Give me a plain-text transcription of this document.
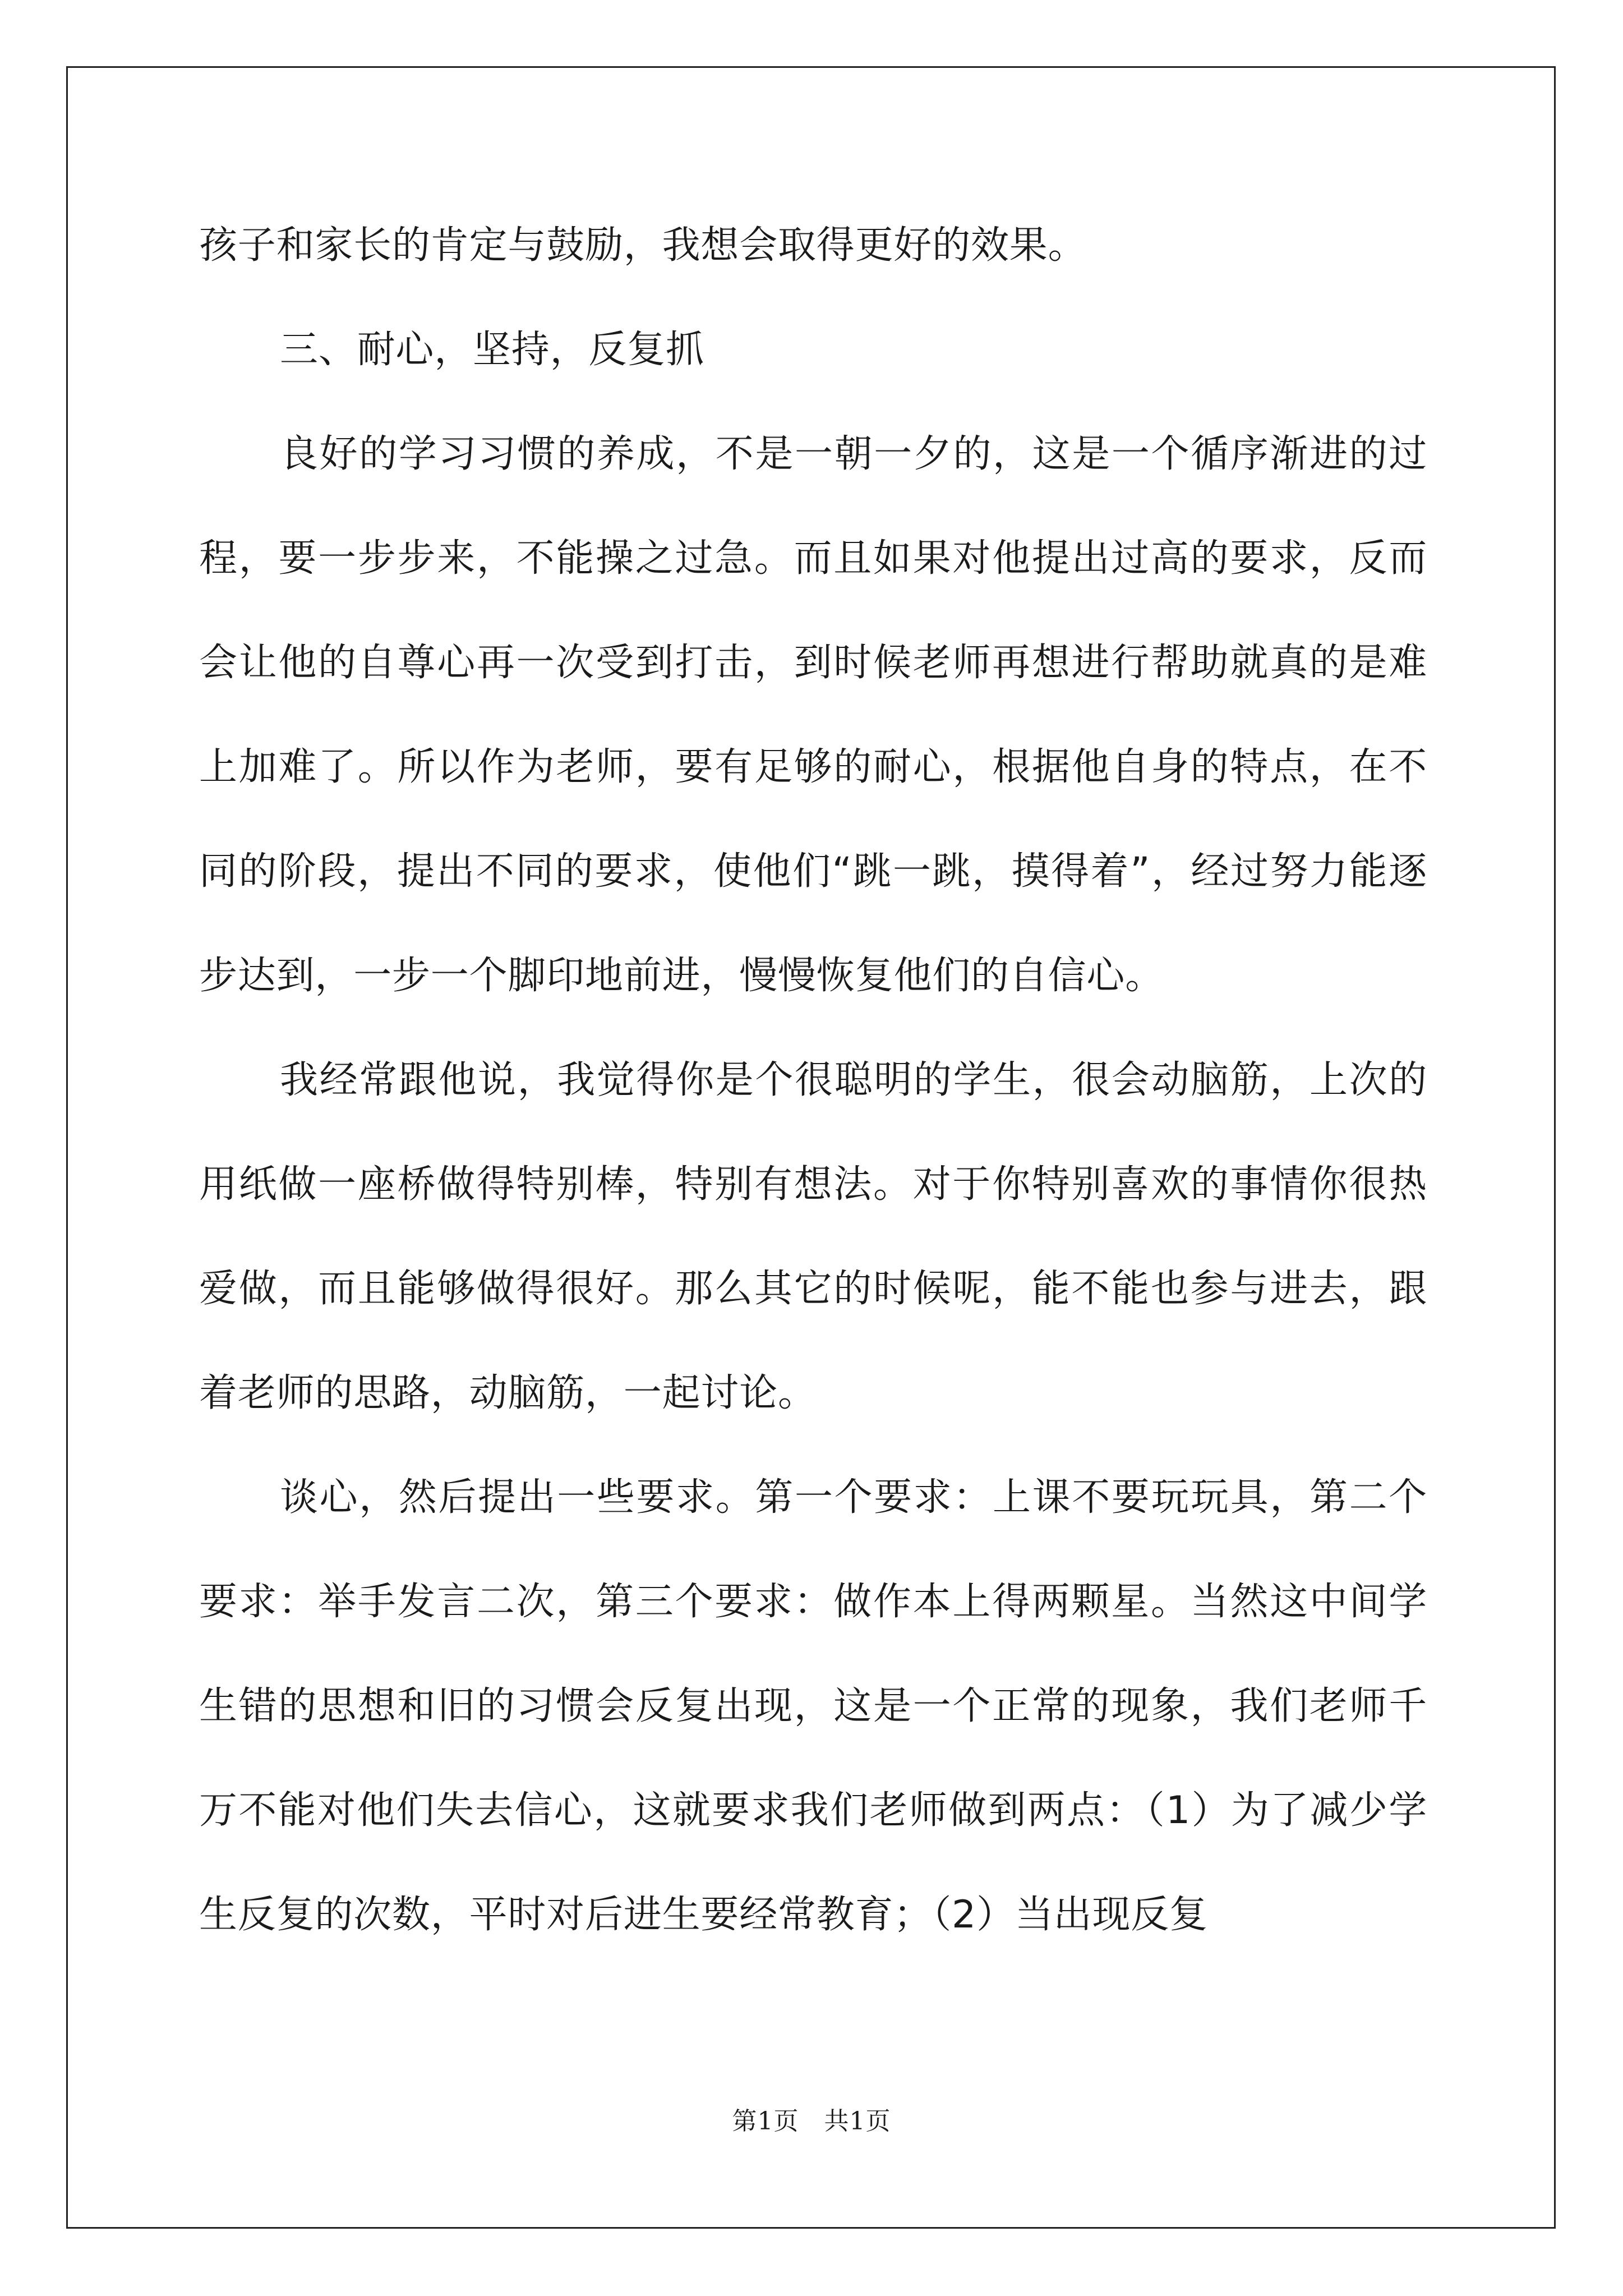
孩子和家长的肯定与鼓励，我想会取得更好的效果。

三、耐心，坚持，反复抓

良好的学习习惯的养成，不是一朝一夕的，这是一个循序渐进的过程，要一步步来，不能操之过急。而且如果对他提出过高的要求，反而会让他的自尊心再一次受到打击，到时候老师再想进行帮助就真的是难上加难了。所以作为老师，要有足够的耐心，根据他自身的特点，在不同的阶段，提出不同的要求，使他们“跳一跳，摸得着”，经过努力能逐步达到，一步一个脚印地前进，慢慢恢复他们的自信心。

我经常跟他说，我觉得你是个很聪明的学生，很会动脑筋，上次的用纸做一座桥做得特别棒，特别有想法。对于你特别喜欢的事情你很热爱做，而且能够做得很好。那么其它的时候呢，能不能也参与进去，跟着老师的思路，动脑筋，一起讨论。

谈心，然后提出一些要求。第一个要求：上课不要玩玩具，第二个要求：举手发言二次，第三个要求：做作本上得两颗星。当然这中间学生错的思想和旧的习惯会反复出现，这是一个正常的现象，我们老师千万不能对他们失去信心，这就要求我们老师做到两点：（1）为了减少学生反复的次数，平时对后进生要经常教育；（2）当出现反复

第1页　共1页
